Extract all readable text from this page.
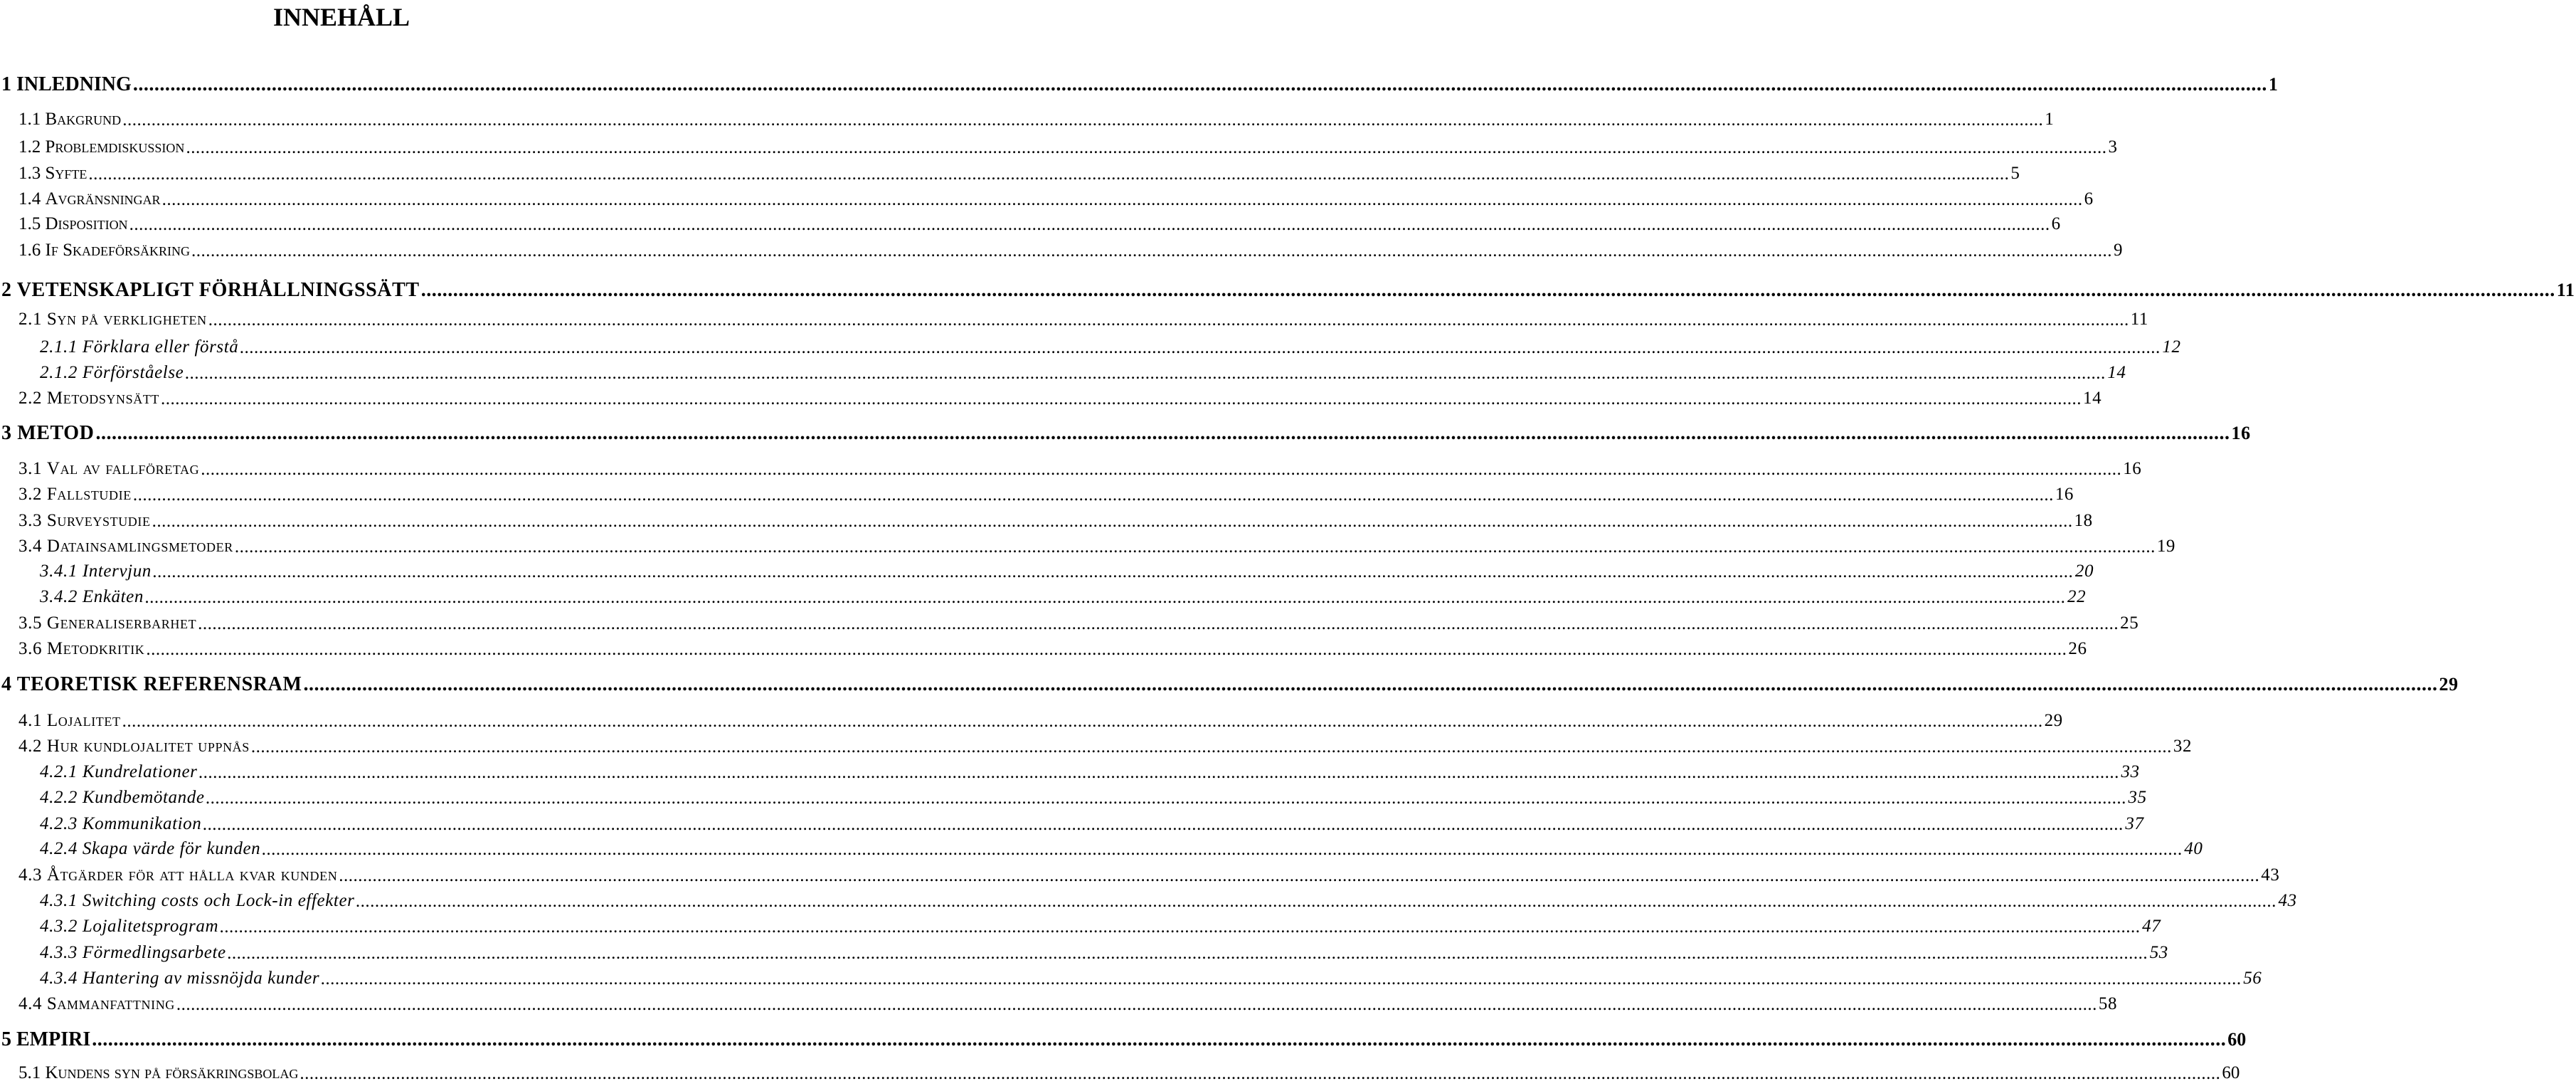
INNEHÅLL
1 INLEDNING ................................................................................................................................................................................................................................................................................................................................................................................................................ 1
1.1 Bakgrund ................................................................................................................................................................................................................................................................................................................................................................................................................ 1
1.2 Problemdiskussion ................................................................................................................................................................................................................................................................................................................................................................................................................ 3
1.3 Syfte ................................................................................................................................................................................................................................................................................................................................................................................................................ 5
1.4 Avgränsningar ................................................................................................................................................................................................................................................................................................................................................................................................................ 6
1.5 Disposition ................................................................................................................................................................................................................................................................................................................................................................................................................ 6
1.6 If Skadeförsäkring ................................................................................................................................................................................................................................................................................................................................................................................................................ 9
2 VETENSKAPLIGT FÖRHÅLLNINGSSÄTT ................................................................................................................................................................................................................................................................................................................................................................................................................ 11
2.1 Syn på verkligheten ................................................................................................................................................................................................................................................................................................................................................................................................................ 11
2.1.1 Förklara eller förstå ................................................................................................................................................................................................................................................................................................................................................................................................................ 12
2.1.2 Förförståelse ................................................................................................................................................................................................................................................................................................................................................................................................................ 14
2.2 Metodsynsätt ................................................................................................................................................................................................................................................................................................................................................................................................................ 14
3 METOD ................................................................................................................................................................................................................................................................................................................................................................................................................ 16
3.1 Val av fallföretag ................................................................................................................................................................................................................................................................................................................................................................................................................ 16
3.2 Fallstudie ................................................................................................................................................................................................................................................................................................................................................................................................................ 16
3.3 Surveystudie ................................................................................................................................................................................................................................................................................................................................................................................................................ 18
3.4 Datainsamlingsmetoder ................................................................................................................................................................................................................................................................................................................................................................................................................ 19
3.4.1 Intervjun ................................................................................................................................................................................................................................................................................................................................................................................................................ 20
3.4.2 Enkäten ................................................................................................................................................................................................................................................................................................................................................................................................................ 22
3.5 Generaliserbarhet ................................................................................................................................................................................................................................................................................................................................................................................................................ 25
3.6 Metodkritik ................................................................................................................................................................................................................................................................................................................................................................................................................ 26
4 TEORETISK REFERENSRAM ................................................................................................................................................................................................................................................................................................................................................................................................................ 29
4.1 Lojalitet ................................................................................................................................................................................................................................................................................................................................................................................................................ 29
4.2 Hur kundlojalitet uppnås ................................................................................................................................................................................................................................................................................................................................................................................................................ 32
4.2.1 Kundrelationer ................................................................................................................................................................................................................................................................................................................................................................................................................ 33
4.2.2 Kundbemötande ................................................................................................................................................................................................................................................................................................................................................................................................................ 35
4.2.3 Kommunikation ................................................................................................................................................................................................................................................................................................................................................................................................................ 37
4.2.4 Skapa värde för kunden ................................................................................................................................................................................................................................................................................................................................................................................................................ 40
4.3 Åtgärder för att hålla kvar kunden ................................................................................................................................................................................................................................................................................................................................................................................................................ 43
4.3.1 Switching costs och Lock-in effekter ................................................................................................................................................................................................................................................................................................................................................................................................................ 43
4.3.2 Lojalitetsprogram ................................................................................................................................................................................................................................................................................................................................................................................................................ 47
4.3.3 Förmedlingsarbete ................................................................................................................................................................................................................................................................................................................................................................................................................ 53
4.3.4 Hantering av missnöjda kunder ................................................................................................................................................................................................................................................................................................................................................................................................................ 56
4.4 Sammanfattning ................................................................................................................................................................................................................................................................................................................................................................................................................ 58
5 EMPIRI ................................................................................................................................................................................................................................................................................................................................................................................................................ 60
5.1 Kundens syn på försäkringsbolag ................................................................................................................................................................................................................................................................................................................................................................................................................ 60
